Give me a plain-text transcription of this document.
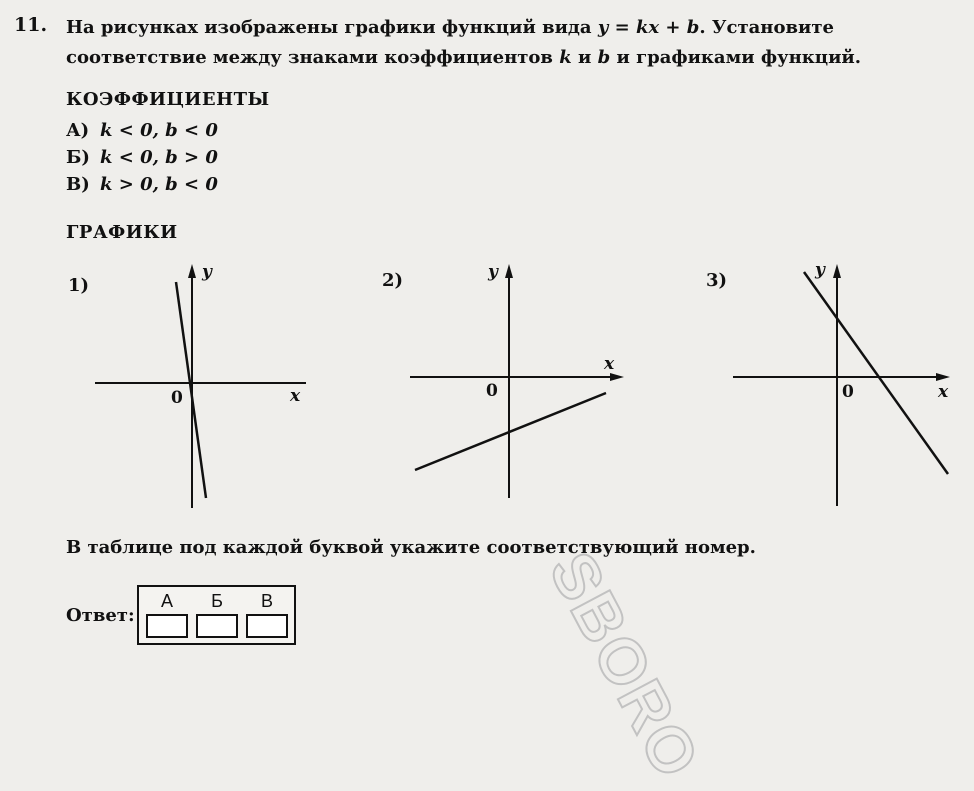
11. На рисунках изображены графики функций вида y = kx + b. Установите соответствие между знаками коэффициентов k и b и графиками функций.
КОЭФФИЦИЕНТЫ
А) k < 0, b < 0
Б) k < 0, b > 0
В) k > 0, b < 0
ГРАФИКИ
1)
y
x
0
2)	y
x
0
3)	y
x
0
В таблице под каждой буквой укажите соответствующий номер.
Ответ:
А	Б	В	SBORO
